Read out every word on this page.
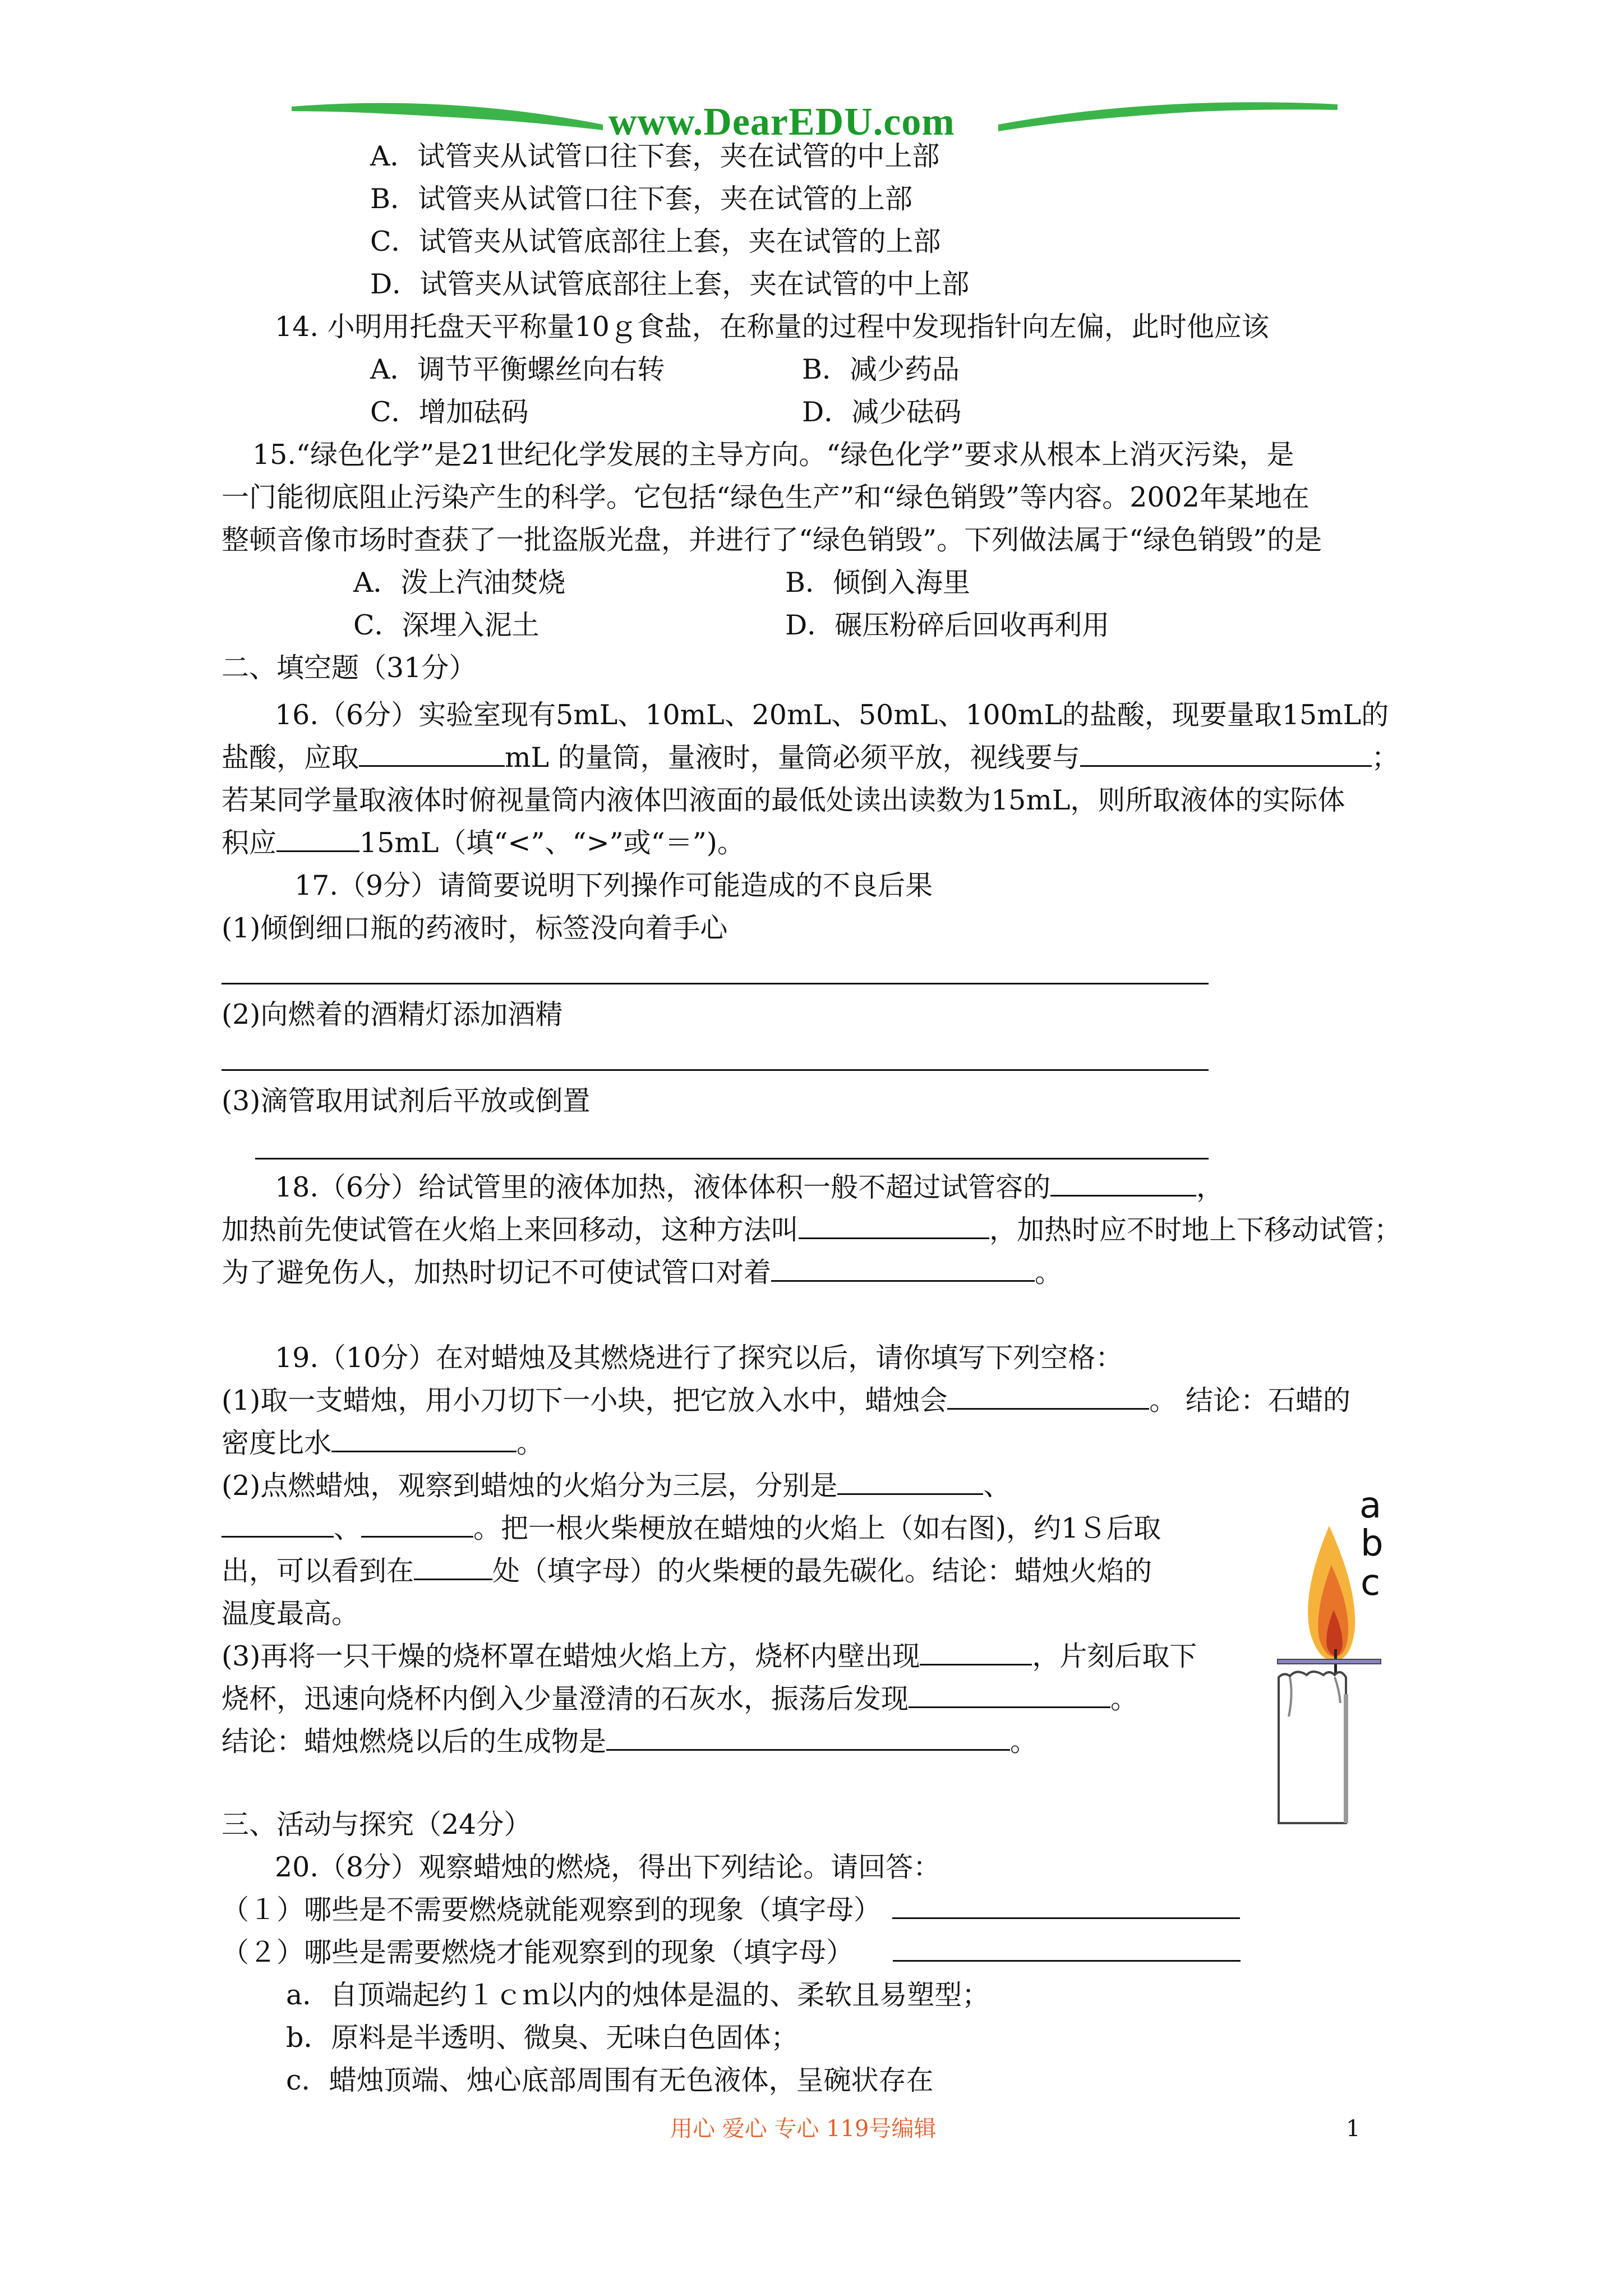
www.DearEDU.com
A．试管夹从试管口往下套，夹在试管的中上部
B．试管夹从试管口往下套，夹在试管的上部
C．试管夹从试管底部往上套，夹在试管的上部
D．试管夹从试管底部往上套，夹在试管的中上部
14. 小明用托盘天平称量10ｇ食盐，在称量的过程中发现指针向左偏，此时他应该
A．调节平衡螺丝向右转	B．减少药品
C．增加砝码	D．减少砝码
15.“绿色化学”是21世纪化学发展的主导方向。“绿色化学”要求从根本上消灭污染，是
一门能彻底阻止污染产生的科学。它包括“绿色生产”和“绿色销毁”等内容。2002年某地在
整顿音像市场时查获了一批盗版光盘，并进行了“绿色销毁”。下列做法属于“绿色销毁”的是
A．泼上汽油焚烧	B．倾倒入海里
C．深埋入泥土	D．碾压粉碎后回收再利用
二、填空题（31分）
16.（6分）实验室现有5mL、10mL、20mL、50mL、100mL的盐酸，现要量取15mL的
盐酸，应取	mL 的量筒，量液时，量筒必须平放，视线要与	；
若某同学量取液体时俯视量筒内液体凹液面的最低处读出读数为15mL，则所取液体的实际体
积应	15mL（填“<”、“>”或“＝”)。
17.（9分）请简要说明下列操作可能造成的不良后果
(1)倾倒细口瓶的药液时，标签没向着手心
(2)向燃着的酒精灯添加酒精
(3)滴管取用试剂后平放或倒置
18.（6分）给试管里的液体加热，液体体积一般不超过试管容的	，
加热前先使试管在火焰上来回移动，这种方法叫	，加热时应不时地上下移动试管；
为了避免伤人，加热时切记不可使试管口对着	。
19.（10分）在对蜡烛及其燃烧进行了探究以后，请你填写下列空格：
(1)取一支蜡烛，用小刀切下一小块，把它放入水中，蜡烛会	。 结论：石蜡的
密度比水	。
(2)点燃蜡烛，观察到蜡烛的火焰分为三层，分别是	、
、	。把一根火柴梗放在蜡烛的火焰上（如右图)，约1Ｓ后取
出，可以看到在	处（填字母）的火柴梗的最先碳化。结论：蜡烛火焰的
温度最高。
(3)再将一只干燥的烧杯罩在蜡烛火焰上方，烧杯内壁出现	，片刻后取下
烧杯，迅速向烧杯内倒入少量澄清的石灰水，振荡后发现	。
结论：蜡烛燃烧以后的生成物是	。
a
b
c
三、活动与探究（24分）
20.（8分）观察蜡烛的燃烧，得出下列结论。请回答：
（１）哪些是不需要燃烧就能观察到的现象（填字母）
（２）哪些是需要燃烧才能观察到的现象（填字母）
a．自顶端起约１ｃｍ以内的烛体是温的、柔软且易塑型；
b．原料是半透明、微臭、无味白色固体；
c．蜡烛顶端、烛心底部周围有无色液体，呈碗状存在
用心 爱心 专心 119号编辑	1
